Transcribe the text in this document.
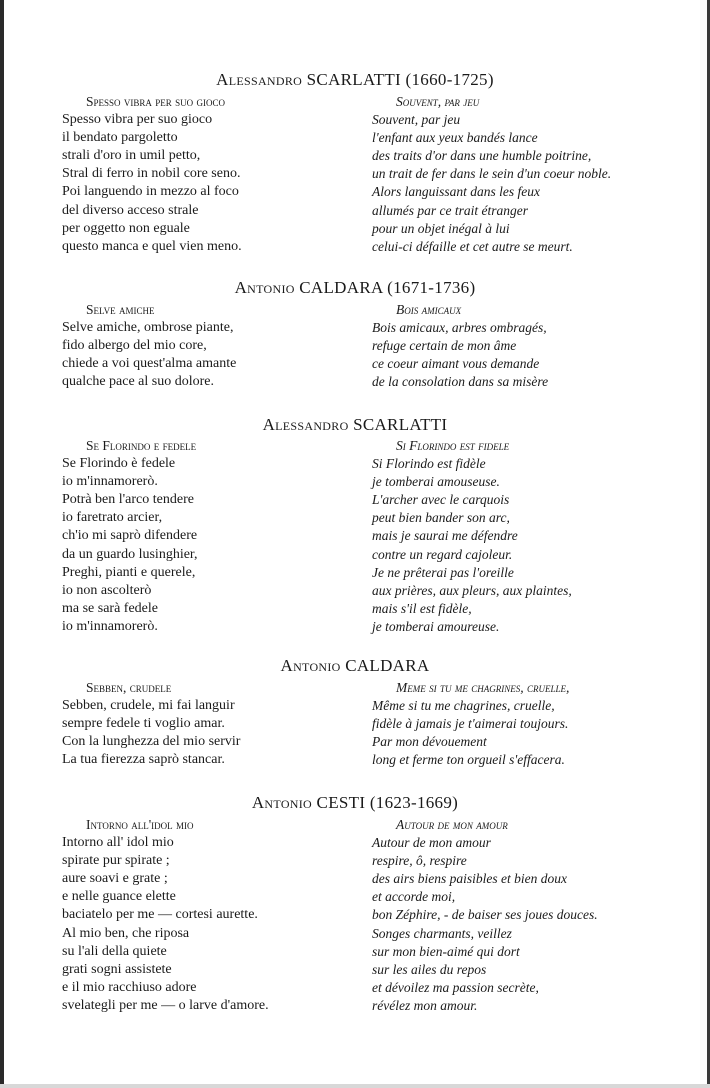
Alessandro SCARLATTI (1660-1725)
Spesso vibra per suo gioco
Spesso vibra per suo gioco
il bendato pargoletto
strali d'oro in umil petto,
Stral di ferro in nobil core seno.
Poi languendo in mezzo al foco
del diverso acceso strale
per oggetto non eguale
questo manca e quel vien meno.
Souvent, par jeu
Souvent, par jeu
l'enfant aux yeux bandés lance
des traits d'or dans une humble poitrine,
un trait de fer dans le sein d'un coeur noble.
Alors languissant dans les feux
allumés par ce trait étranger
pour un objet inégal à lui
celui-ci défaille et cet autre se meurt.
Antonio CALDARA (1671-1736)
Selve amiche
Selve amiche, ombrose piante,
fido albergo del mio core,
chiede a voi quest'alma amante
qualche pace al suo dolore.
Bois amicaux
Bois amicaux, arbres ombragés,
refuge certain de mon âme
ce coeur aimant vous demande
de la consolation dans sa misère
Alessandro SCARLATTI
Se Florindo e fedele
Se Florindo è fedele
io m'innamorerò.
Potrà ben l'arco tendere
io faretrato arcier,
ch'io mi saprò difendere
da un guardo lusinghier,
Preghi, pianti e querele,
io non ascolterò
ma se sarà fedele
io m'innamorerò.
Si Florindo est fidele
Si Florindo est fidèle
je tomberai amouseuse.
L'archer avec le carquois
peut bien bander son arc,
mais je saurai me défendre
contre un regard cajoleur.
Je ne prêterai pas l'oreille
aux prières, aux pleurs, aux plaintes,
mais s'il est fidèle,
je tomberai amoureuse.
Antonio CALDARA
Sebben, crudele
Sebben, crudele, mi fai languir
sempre fedele ti voglio amar.
Con la lunghezza del mio servir
La tua fierezza saprò stancar.
Meme si tu me chagrines, cruelle,
Même si tu me chagrines, cruelle,
fidèle à jamais je t'aimerai toujours.
Par mon dévouement
long et ferme ton orgueil s'effacera.
Antonio CESTI (1623-1669)
Intorno all'idol mio
Intorno all' idol mio
spirate pur spirate ;
aure soavi e grate ;
e nelle guance elette
baciatelo per me — cortesi aurette.
Al mio ben, che riposa
su l'ali della quiete
grati sogni assistete
e il mio racchiuso adore
svelategli per me — o larve d'amore.
Autour de mon amour
Autour de mon amour
respire, ô, respire
des airs biens paisibles et bien doux
et accorde moi,
bon Zéphire, - de baiser ses joues douces.
Songes charmants, veillez
sur mon bien-aimé qui dort
sur les ailes du repos
et dévoilez ma passion secrète,
révélez mon amour.
